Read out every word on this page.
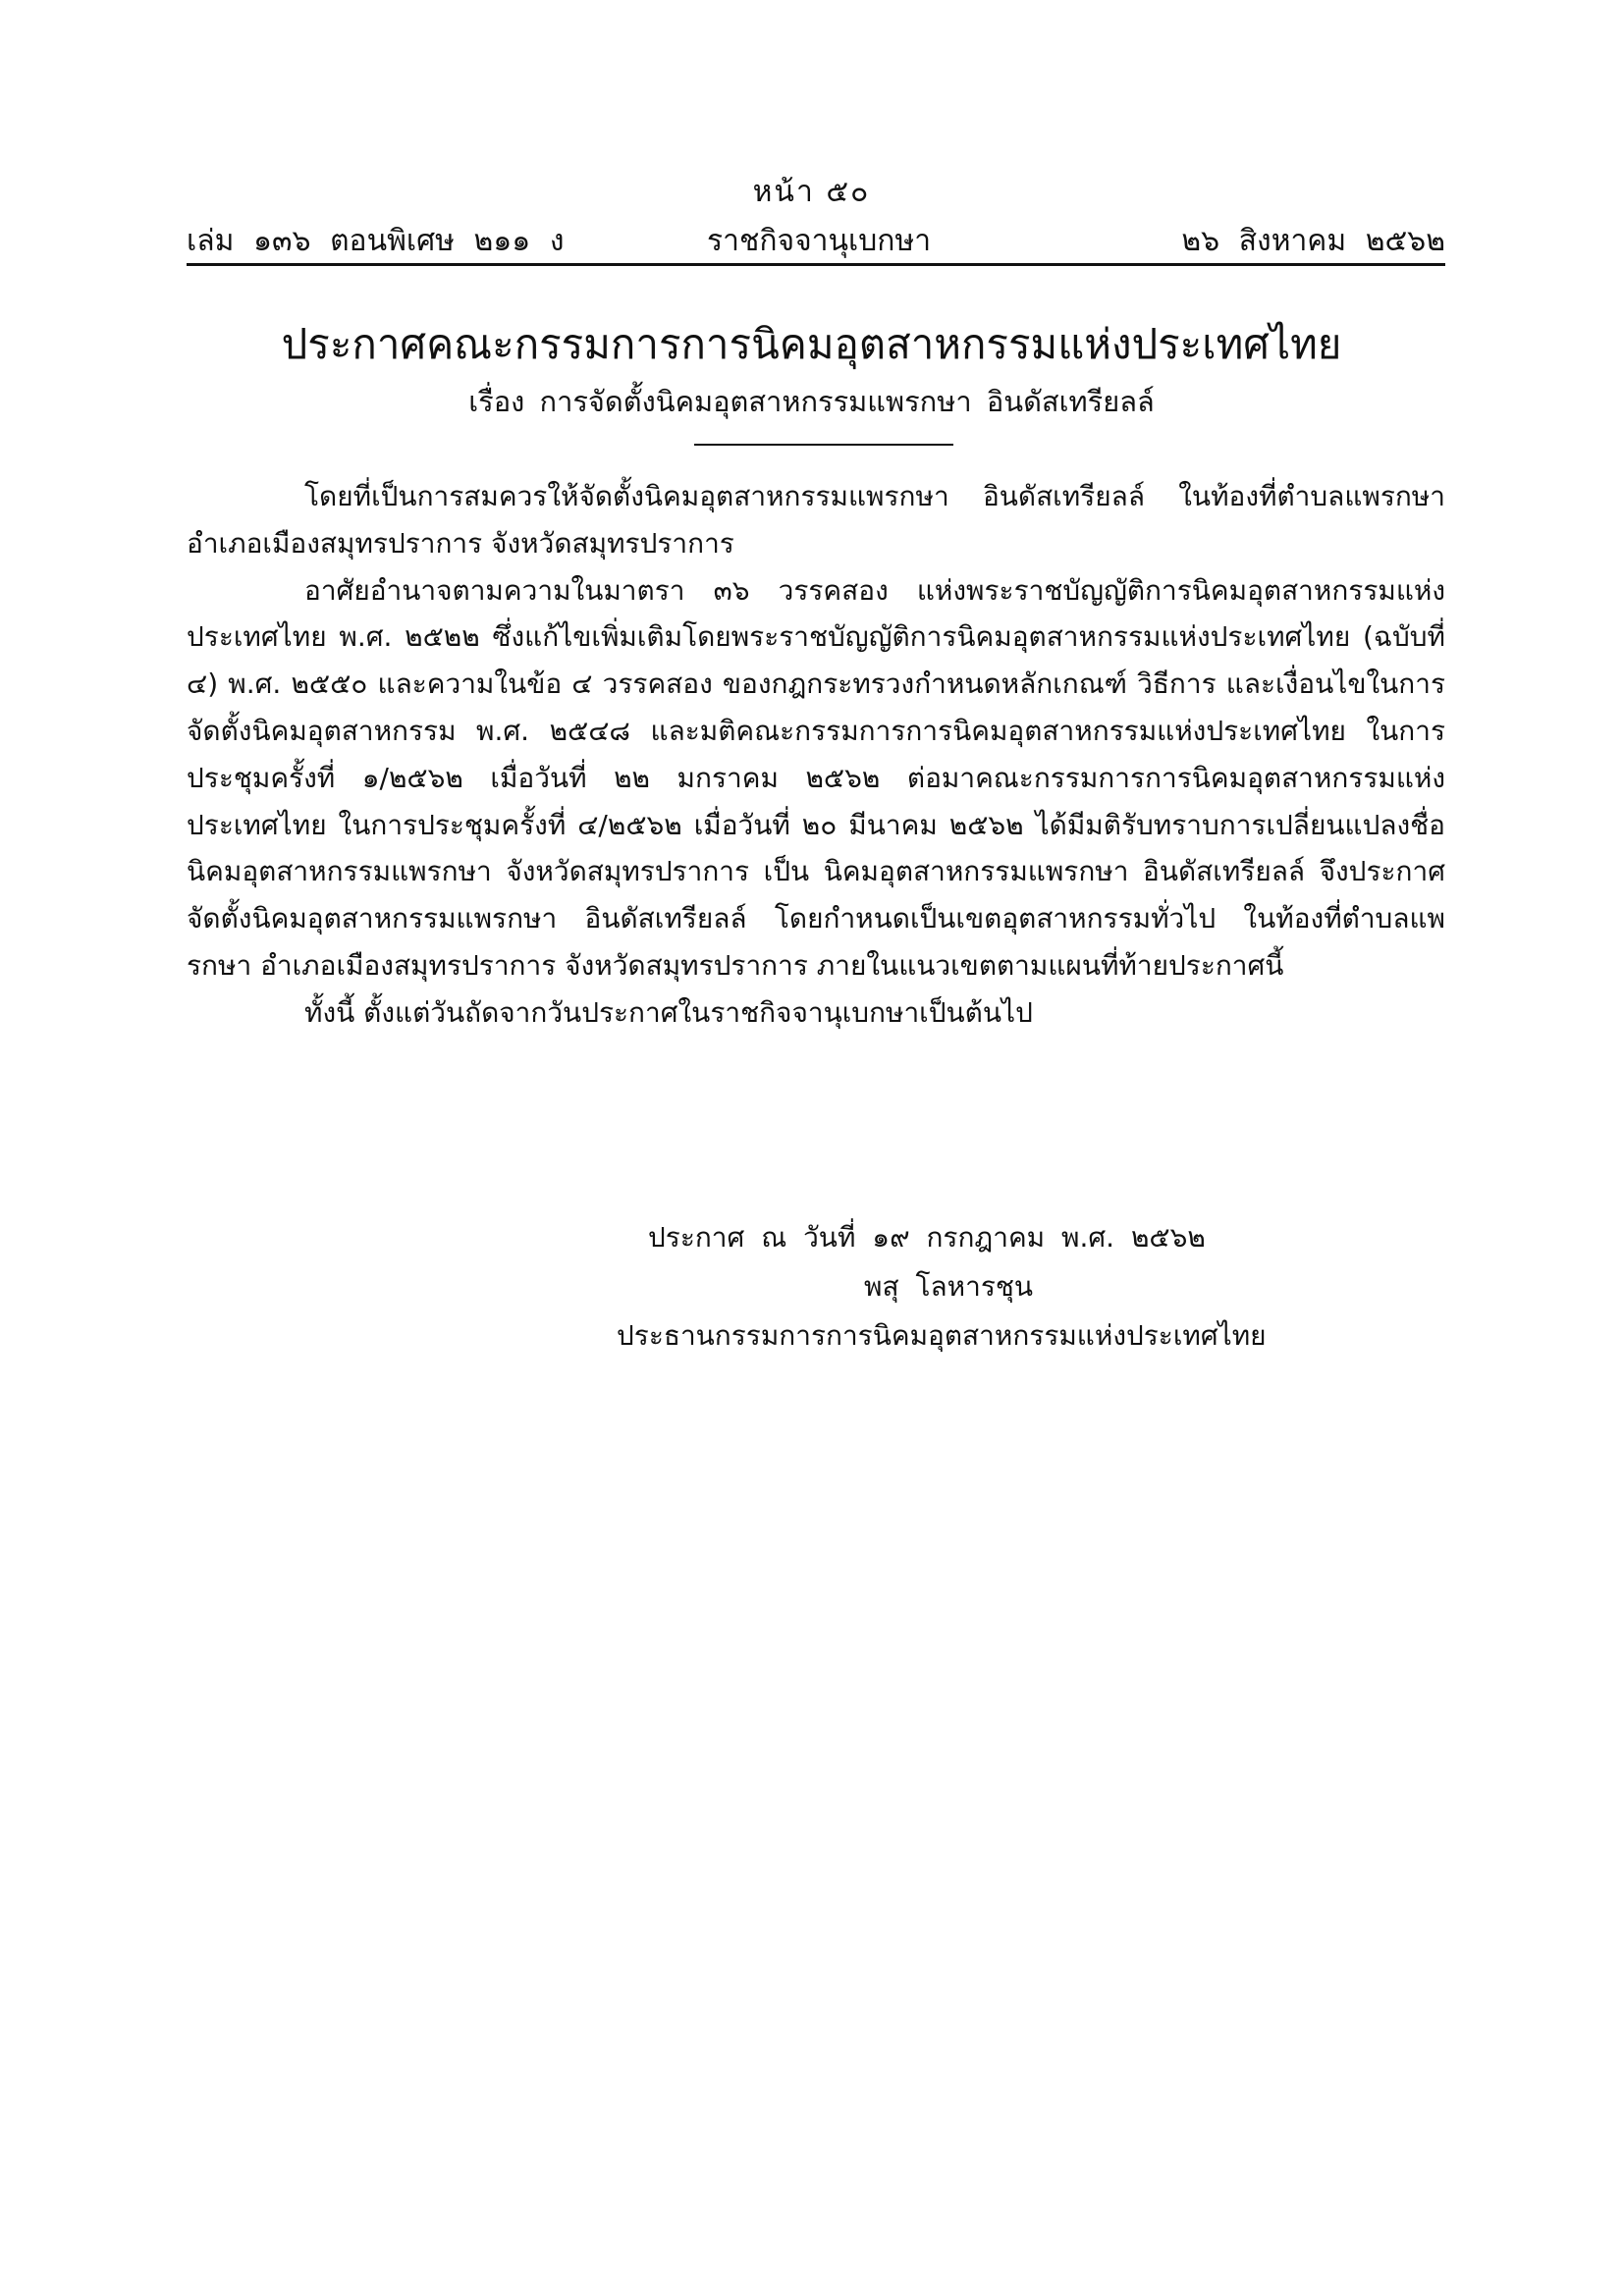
หน้า ๕๐
เล่ม ๑๓๖ ตอนพิเศษ ๒๑๑ ง	ราชกิจจานุเบกษา	๒๖ สิงหาคม ๒๕๖๒
ประกาศคณะกรรมการการนิคมอุตสาหกรรมแห่งประเทศไทย
เรื่อง การจัดตั้งนิคมอุตสาหกรรมแพรกษา อินดัสเทรียลล์

โดยที่เป็นการสมควรให้จัดตั้งนิคมอุตสาหกรรมแพรกษา อินดัสเทรียลล์ ในท้องที่ตำบลแพรกษา อำเภอเมืองสมุทรปราการ จังหวัดสมุทรปราการ

อาศัยอำนาจตามความในมาตรา ๓๖ วรรคสอง แห่งพระราชบัญญัติการนิคมอุตสาหกรรมแห่งประเทศไทย พ.ศ. ๒๕๒๒ ซึ่งแก้ไขเพิ่มเติมโดยพระราชบัญญัติการนิคมอุตสาหกรรมแห่งประเทศไทย (ฉบับที่ ๔) พ.ศ. ๒๕๕๐ และความในข้อ ๔ วรรคสอง ของกฎกระทรวงกำหนดหลักเกณฑ์ วิธีการ และเงื่อนไขในการจัดตั้งนิคมอุตสาหกรรม พ.ศ. ๒๕๔๘ และมติคณะกรรมการการนิคมอุตสาหกรรมแห่งประเทศไทย ในการประชุมครั้งที่ ๑/๒๕๖๒ เมื่อวันที่ ๒๒ มกราคม ๒๕๖๒ ต่อมาคณะกรรมการการนิคมอุตสาหกรรมแห่งประเทศไทย ในการประชุมครั้งที่ ๔/๒๕๖๒ เมื่อวันที่ ๒๐ มีนาคม ๒๕๖๒ ได้มีมติรับทราบการเปลี่ยนแปลงชื่อนิคมอุตสาหกรรมแพรกษา จังหวัดสมุทรปราการ เป็น นิคมอุตสาหกรรมแพรกษา อินดัสเทรียลล์ จึงประกาศจัดตั้งนิคมอุตสาหกรรมแพรกษา อินดัสเทรียลล์ โดยกำหนดเป็นเขตอุตสาหกรรมทั่วไป ในท้องที่ตำบลแพรกษา อำเภอเมืองสมุทรปราการ จังหวัดสมุทรปราการ ภายในแนวเขตตามแผนที่ท้ายประกาศนี้

ทั้งนี้ ตั้งแต่วันถัดจากวันประกาศในราชกิจจานุเบกษาเป็นต้นไป

ประกาศ ณ วันที่ ๑๙ กรกฎาคม พ.ศ. ๒๕๖๒
พสุ โลหารชุน
ประธานกรรมการการนิคมอุตสาหกรรมแห่งประเทศไทย
